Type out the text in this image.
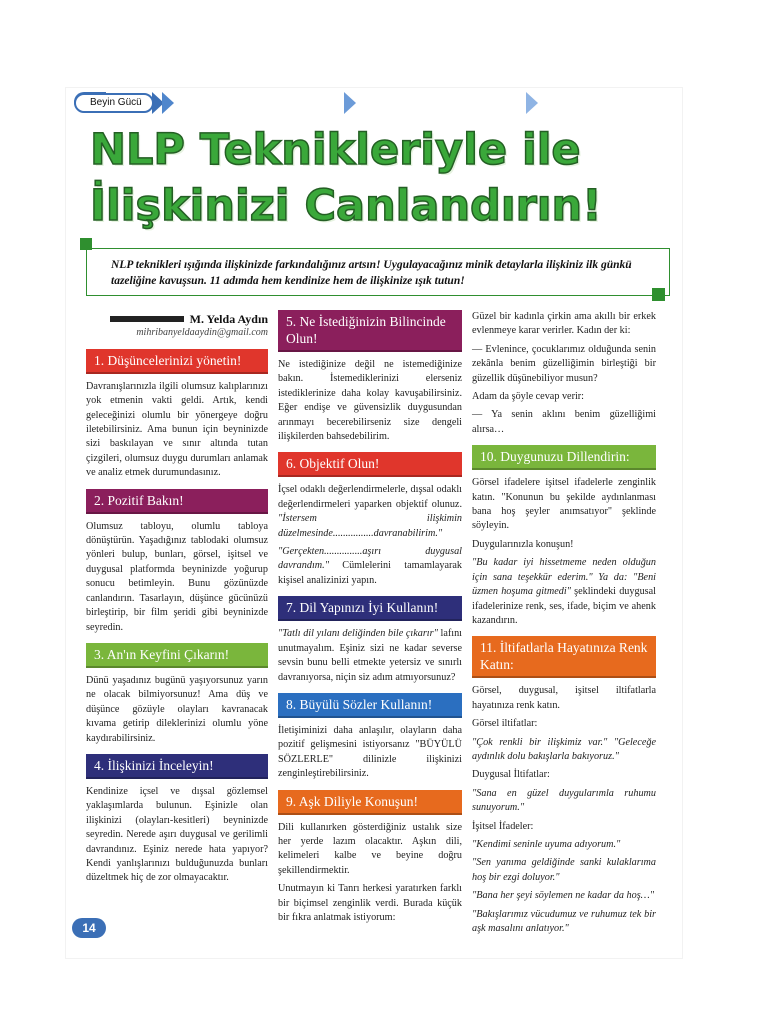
Beyin Gücü
NLP Teknikleriyle ile
İlişkinizi Canlandırın!
NLP teknikleri ışığında ilişkinizde farkındalığınız artsın! Uygulayacağınız minik detaylarla ilişkiniz ilk günkü tazeliğine kavuşsun. 11 adımda hem kendinize hem de ilişkinize ışık tutun!
M. Yelda Aydın
mihribanyeldaaydin@gmail.com
1. Düşüncelerinizi yönetin!

Davranışlarınızla ilgili olumsuz kalıplarınızı yok etmenin vakti geldi. Artık, kendi geleceğinizi olumlu bir yönergeye doğru iletebilirsiniz. Ama bunun için beyninizde sizi baskılayan ve sınır altında tutan çizgileri, olumsuz duygu durumları anlamak ve analiz etmek durumundasınız.

2. Pozitif Bakın!

Olumsuz tabloyu, olumlu tabloya dönüştürün. Yaşadığınız tablodaki olumsuz yönleri bulup, bunları, görsel, işitsel ve duygusal platformda beyninizde yoğurup sonucu betimleyin. Bunu gözünüzde canlandırın. Tasarlayın, düşünce gücünüzü birleştirip, bir film şeridi gibi beyninizde seyredin.

3. An'ın Keyfini Çıkarın!

Dünü yaşadınız bugünü yaşıyorsunuz yarın ne olacak bilmiyorsunuz! Ama düş ve düşünce gözüyle olayları kavranacak kıvama getirip dileklerinizi olumlu yöne kaydırabilirsiniz.

4. İlişkinizi İnceleyin!

Kendinize içsel ve dışsal gözlemsel yaklaşımlarda bulunun. Eşinizle olan ilişkinizi (olayları-kesitleri) beyninizde seyredin. Nerede aşırı duygusal ve gerilimli davrandınız. Eşiniz nerede hata yapıyor? Kendi yanlışlarınızı bulduğunuzda bunları düzeltmek hiç de zor olmayacaktır.

5. Ne İstediğinizin Bilincinde Olun!

Ne istediğinize değil ne istemediğinize bakın. İstemediklerinizi elerseniz istediklerinize daha kolay kavuşabilirsiniz. Eğer endişe ve güvensizlik duygusundan arınmayı becerebilirseniz size dengeli ilişkilerden bahsedebilirim.

6. Objektif Olun!

İçsel odaklı değerlendirmelerle, dışsal odaklı değerlendirmeleri yaparken objektif olunuz. "İstersem ilişkimin düzelmesinde................davranabilirim."

"Gerçekten...............aşırı duygusal davrandım." Cümlelerini tamamlayarak kişisel analizinizi yapın.

7. Dil Yapınızı İyi Kullanın!

"Tatlı dil yılanı deliğinden bile çıkarır" lafını unutmayalım. Eşiniz sizi ne kadar severse sevsin bunu belli etmekte yetersiz ve sınırlı davranıyorsa, niçin siz adım atmıyorsunuz?

8. Büyülü Sözler Kullanın!

İletişiminizi daha anlaşılır, olayların daha pozitif gelişmesini istiyorsanız "BÜYÜLÜ SÖZLERLE" dilinizle ilişkinizi zenginleştirebilirsiniz.

9. Aşk Diliyle Konuşun!

Dili kullanırken gösterdiğiniz ustalık size her yerde lazım olacaktır. Aşkın dili, kelimeleri kalbe ve beyine doğru şekillendirmektir.

Unutmayın ki Tanrı herkesi yaratırken farklı bir biçimsel zenginlik verdi. Burada küçük bir fıkra anlatmak istiyorum:

Güzel bir kadınla çirkin ama akıllı bir erkek evlenmeye karar verirler. Kadın der ki:

— Evlenince, çocuklarımız olduğunda senin zekânla benim güzelliğimin birleştiği bir güzellik düşünebiliyor musun?

Adam da şöyle cevap verir:

— Ya senin aklını benim güzelliğimi alırsa…

10. Duygunuzu Dillendirin:

Görsel ifadelere işitsel ifadelerle zenginlik katın. "Konunun bu şekilde aydınlanması bana hoş şeyler anımsatıyor" şeklinde söyleyin.

Duygularınızla konuşun!

"Bu kadar iyi hissetmeme neden olduğun için sana teşekkür ederim." Ya da: "Beni üzmen hoşuma gitmedi" şeklindeki duygusal ifadelerinize renk, ses, ifade, biçim ve ahenk kazandırın.

11. İltifatlarla Hayatınıza Renk Katın:

Görsel, duygusal, işitsel iltifatlarla hayatınıza renk katın.

Görsel iltifatlar:

"Çok renkli bir ilişkimiz var." "Geleceğe aydınlık dolu bakışlarla bakıyoruz."

Duygusal İltifatlar:

"Sana en güzel duygularımla ruhumu sunuyorum."

İşitsel İfadeler:

"Kendimi seninle uyuma adıyorum."

"Sen yanıma geldiğinde sanki kulaklarıma hoş bir ezgi doluyor."

"Bana her şeyi söylemen ne kadar da hoş…"

"Bakışlarımız vücudumuz ve ruhumuz tek bir aşk masalını anlatıyor."

14
